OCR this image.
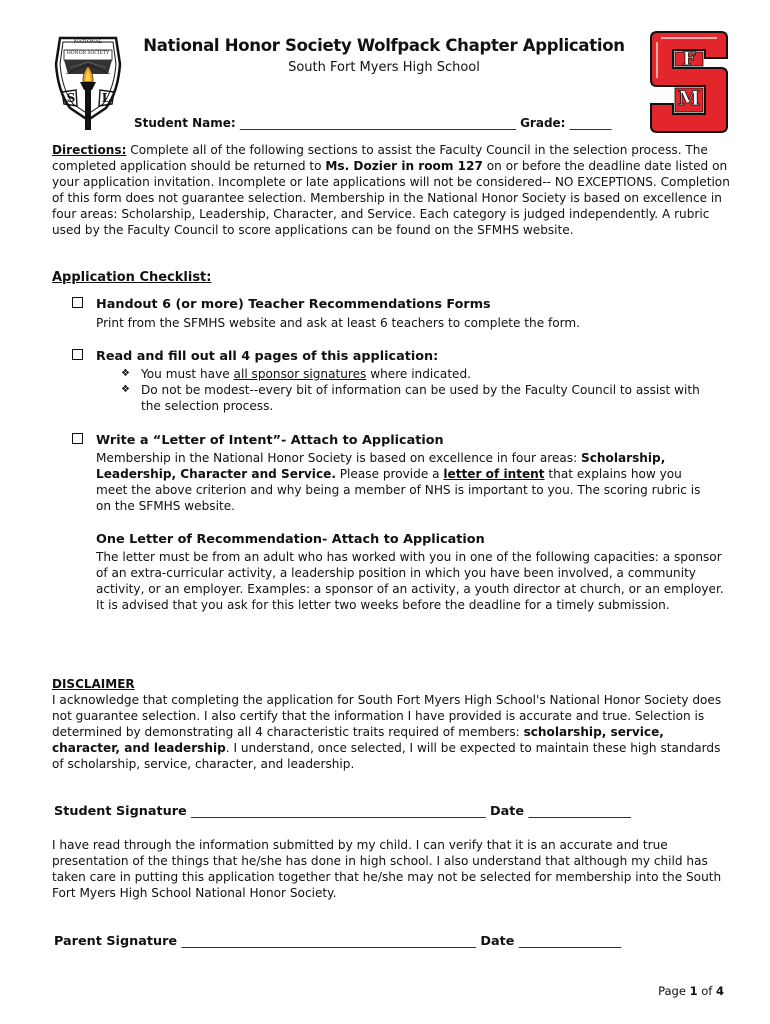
NATIONAL
HONOR SOCIETY
S L
F
M
National Honor Society Wolfpack Chapter Application
South Fort Myers High School
Student Name: ______________________________________________ Grade: _______
Directions: Complete all of the following sections to assist the Faculty Council in the selection process. The completed application should be returned to Ms. Dozier in room 127 on or before the deadline date listed on your application invitation. Incomplete or late applications will not be considered-- NO EXCEPTIONS. Completion of this form does not guarantee selection. Membership in the National Honor Society is based on excellence in four areas: Scholarship, Leadership, Character, and Service. Each category is judged independently. A rubric used by the Faculty Council to score applications can be found on the SFMHS website.
Application Checklist:
Handout 6 (or more) Teacher Recommendations Forms
Print from the SFMHS website and ask at least 6 teachers to complete the form.
Read and fill out all 4 pages of this application:
❖ You must have all sponsor signatures where indicated.
❖ Do not be modest--every bit of information can be used by the Faculty Council to assist with the selection process.
Write a “Letter of Intent”- Attach to Application
Membership in the National Honor Society is based on excellence in four areas: Scholarship, Leadership, Character and Service. Please provide a letter of intent that explains how you meet the above criterion and why being a member of NHS is important to you. The scoring rubric is on the SFMHS website.
One Letter of Recommendation- Attach to Application
The letter must be from an adult who has worked with you in one of the following capacities: a sponsor of an extra-curricular activity, a leadership position in which you have been involved, a community activity, or an employer. Examples: a sponsor of an activity, a youth director at church, or an employer. It is advised that you ask for this letter two weeks before the deadline for a timely submission.
DISCLAIMER
I acknowledge that completing the application for South Fort Myers High School's National Honor Society does not guarantee selection. I also certify that the information I have provided is accurate and true. Selection is determined by demonstrating all 4 characteristic traits required of members: scholarship, service, character, and leadership. I understand, once selected, I will be expected to maintain these high standards of scholarship, service, character, and leadership.
Student Signature ______________________________________________ Date ________________
I have read through the information submitted by my child. I can verify that it is an accurate and true presentation of the things that he/she has done in high school. I also understand that although my child has taken care in putting this application together that he/she may not be selected for membership into the South Fort Myers High School National Honor Society.
Parent Signature ______________________________________________ Date ________________
Page 1 of 4
